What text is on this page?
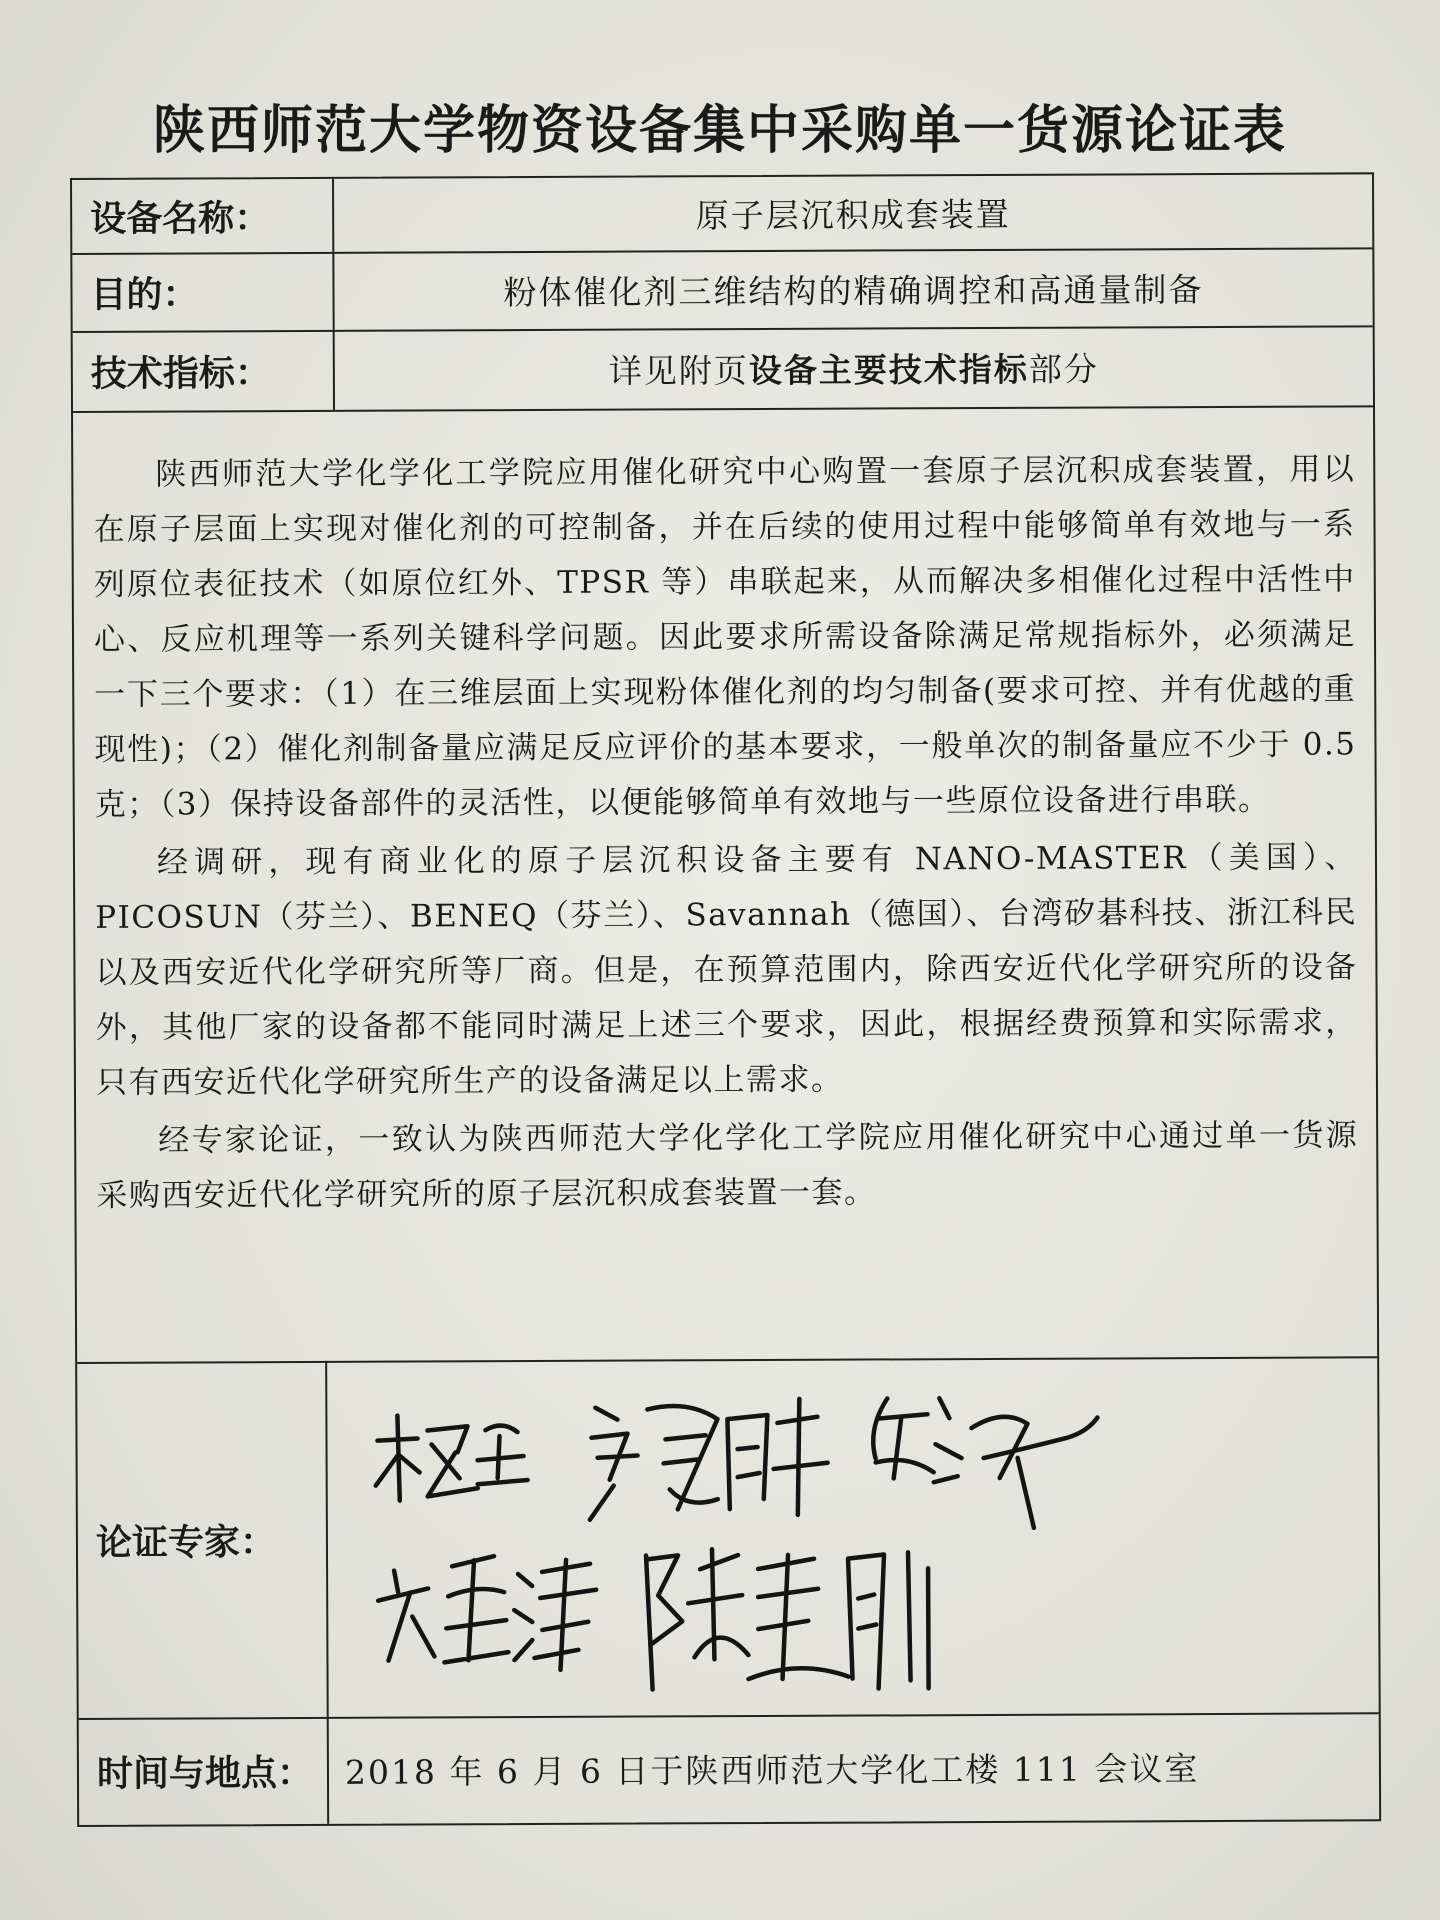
陕西师范大学物资设备集中采购单一货源论证表
设备名称：	原子层沉积成套装置
目的：	粉体催化剂三维结构的精确调控和高通量制备
技术指标：	详见附页 设备主要技术指标 部分

陕西师范大学化学化工学院应用催化研究中心购置一套原子层沉积成套装置，用以在原子层面上实现对催化剂的可控制备，并在后续的使用过程中能够简单有效地与一系列原位表征技术（如原位红外、TPSR 等）串联起来，从而解决多相催化过程中活性中心、反应机理等一系列关键科学问题。因此要求所需设备除满足常规指标外，必须满足一下三个要求：（1）在三维层面上实现粉体催化剂的均匀制备(要求可控、并有优越的重现性)；（2）催化剂制备量应满足反应评价的基本要求，一般单次的制备量应不少于 0.5 克；（3）保持设备部件的灵活性，以便能够简单有效地与一些原位设备进行串联。

经调研，现有商业化的原子层沉积设备主要有 NANO-MASTER（美国）、PICOSUN（芬兰）、BENEQ（芬兰）、Savannah（德国）、台湾矽碁科技、浙江科民以及西安近代化学研究所等厂商。但是，在预算范围内，除西安近代化学研究所的设备外，其他厂家的设备都不能同时满足上述三个要求，因此，根据经费预算和实际需求，只有西安近代化学研究所生产的设备满足以上需求。

经专家论证，一致认为陕西师范大学化学化工学院应用催化研究中心通过单一货源采购西安近代化学研究所的原子层沉积成套装置一套。

论证专家：
时间与地点： 2018 年 6 月 6 日于陕西师范大学化工楼 111 会议室
